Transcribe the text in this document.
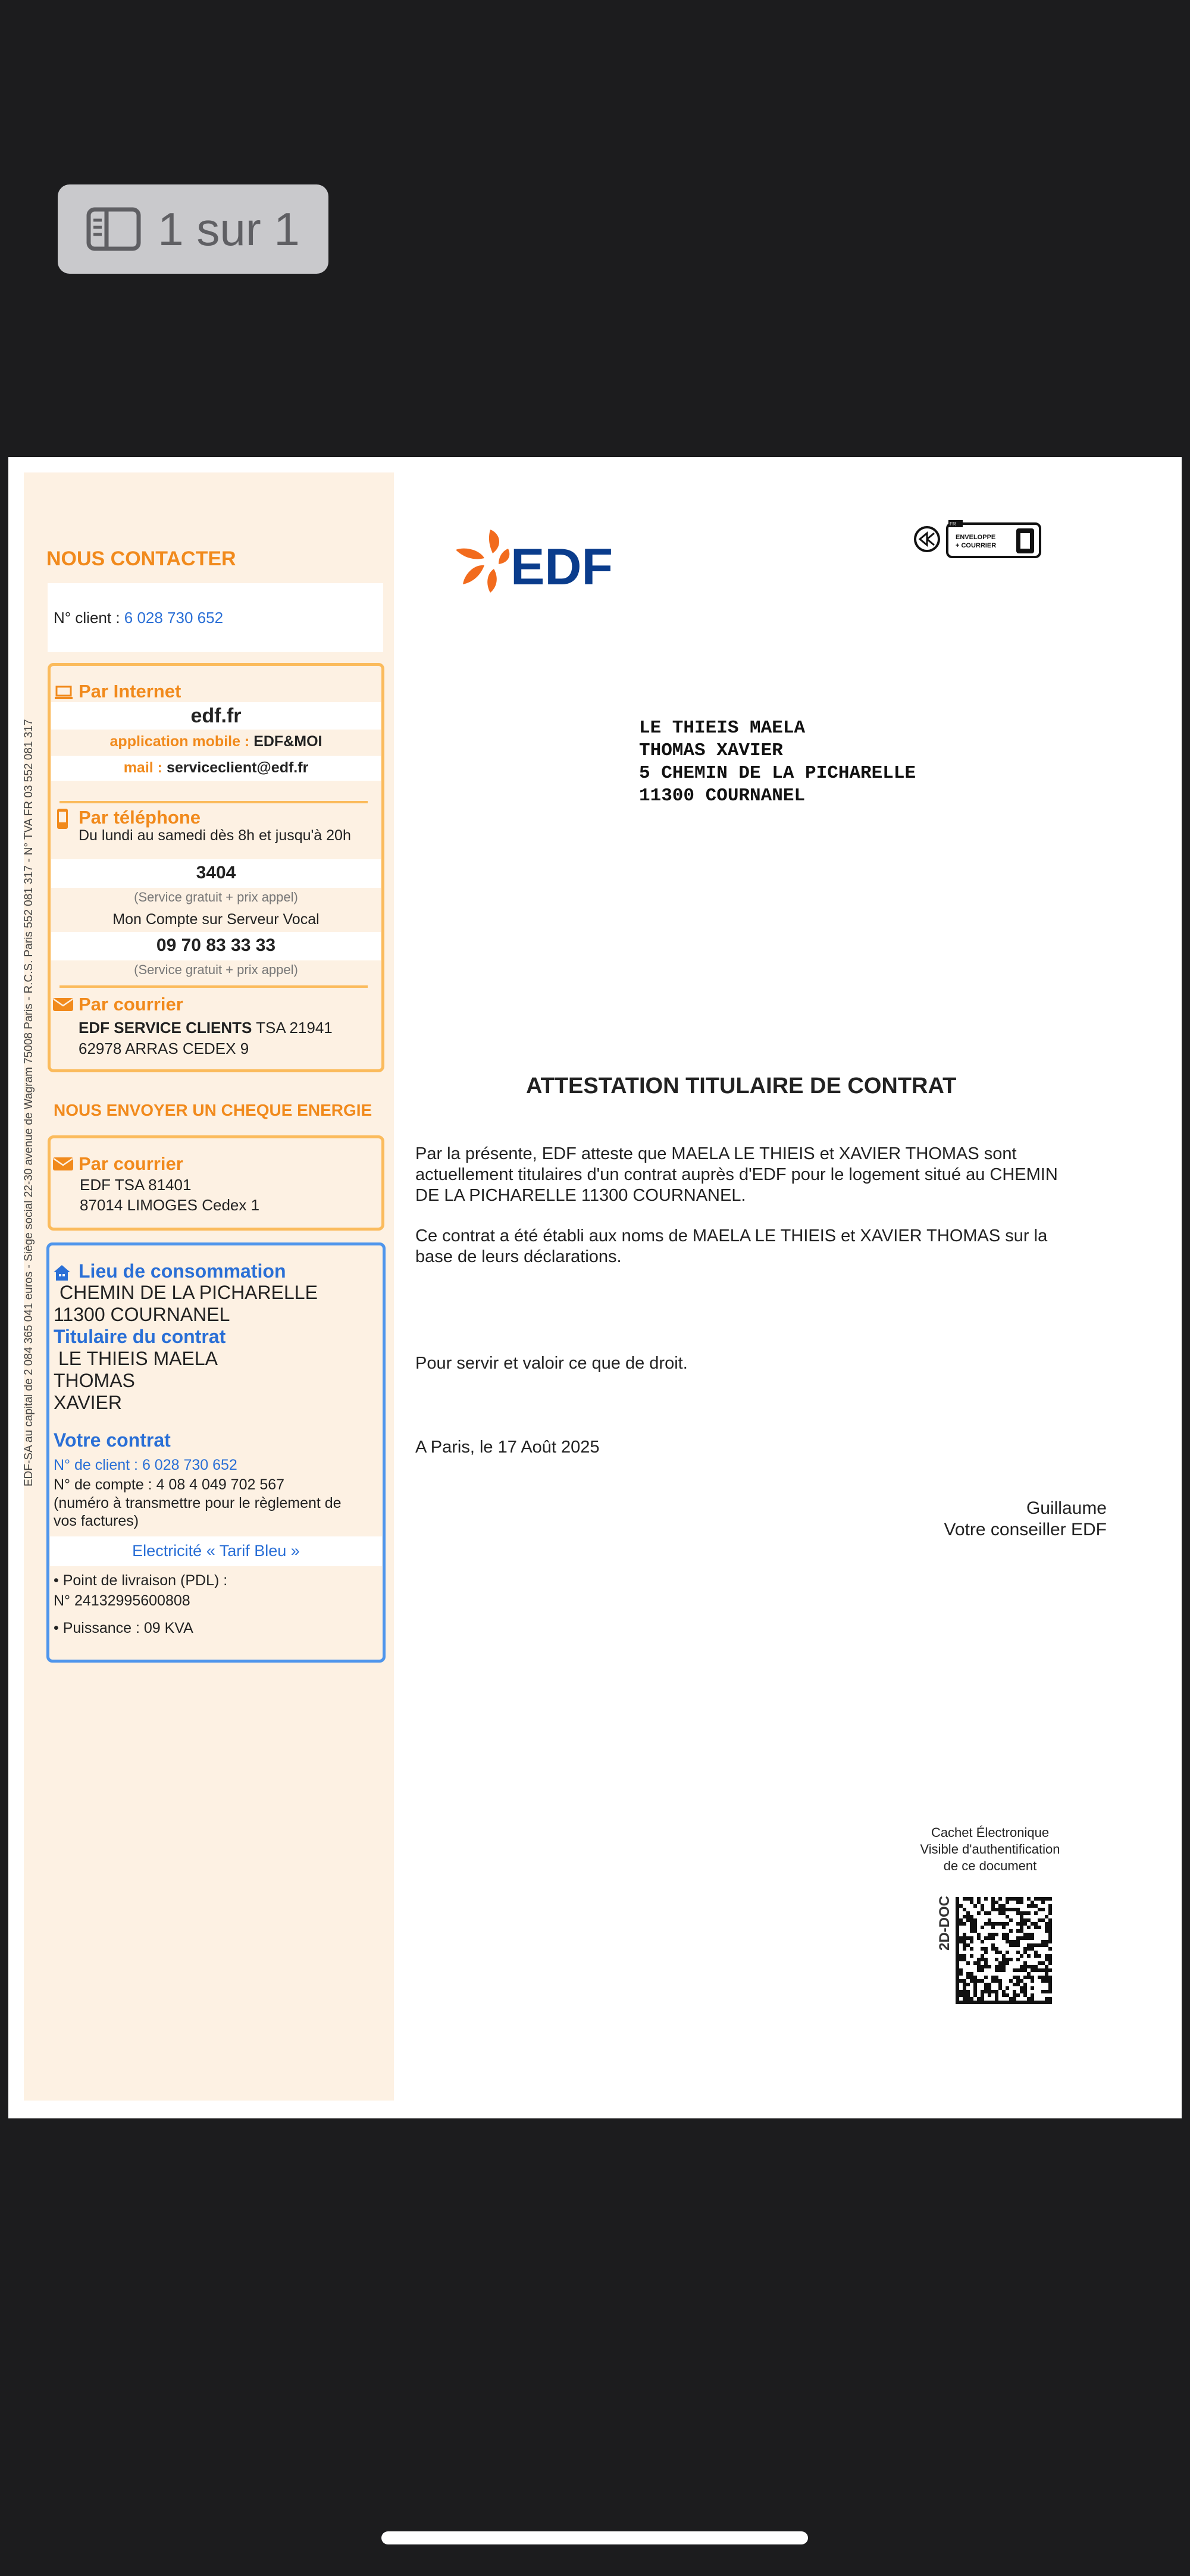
1 sur 1
EDF-SA au capital de 2 084 365 041 euros - Siège social 22-30 avenue de Wagram 75008 Paris - R.C.S. Paris 552 081 317 - N° TVA FR 03 552 081 317
NOUS CONTACTER
N° client : 6 028 730 652
Par Internet
edf.fr
application mobile : EDF&MOI
mail : serviceclient@edf.fr
Par téléphone
Du lundi au samedi dès 8h et jusqu'à 20h
3404
(Service gratuit + prix appel)
Mon Compte sur Serveur Vocal
09 70 83 33 33
(Service gratuit + prix appel)
Par courrier
EDF SERVICE CLIENTS TSA 21941
62978 ARRAS CEDEX 9
NOUS ENVOYER UN CHEQUE ENERGIE
Par courrier
EDF TSA 81401
87014 LIMOGES Cedex 1
Lieu de consommation
CHEMIN DE LA PICHARELLE
11300 COURNANEL
Titulaire du contrat
LE THIEIS MAELA
THOMAS
XAVIER
Votre contrat
N° de client : 6 028 730 652
N° de compte : 4 08 4 049 702 567
(numéro à transmettre pour le règlement de
vos factures)
Electricité « Tarif Bleu »
• Point de livraison (PDL) :
N° 24132995600808
• Puissance : 09 KVA
EDF
FR
ENVELOPPE
+ COURRIER
LE THIEIS MAELA
THOMAS XAVIER
5 CHEMIN DE LA PICHARELLE
11300 COURNANEL
ATTESTATION TITULAIRE DE CONTRAT
Par la présente, EDF atteste que MAELA LE THIEIS et XAVIER THOMAS sont
actuellement titulaires d'un contrat auprès d'EDF pour le logement situé au CHEMIN
DE LA PICHARELLE 11300 COURNANEL.
Ce contrat a été établi aux noms de MAELA LE THIEIS et XAVIER THOMAS sur la
base de leurs déclarations.
Pour servir et valoir ce que de droit.
A Paris, le 17 Août 2025
Guillaume
Votre conseiller EDF
Cachet Électronique
Visible d'authentification
de ce document
2D-DOC
